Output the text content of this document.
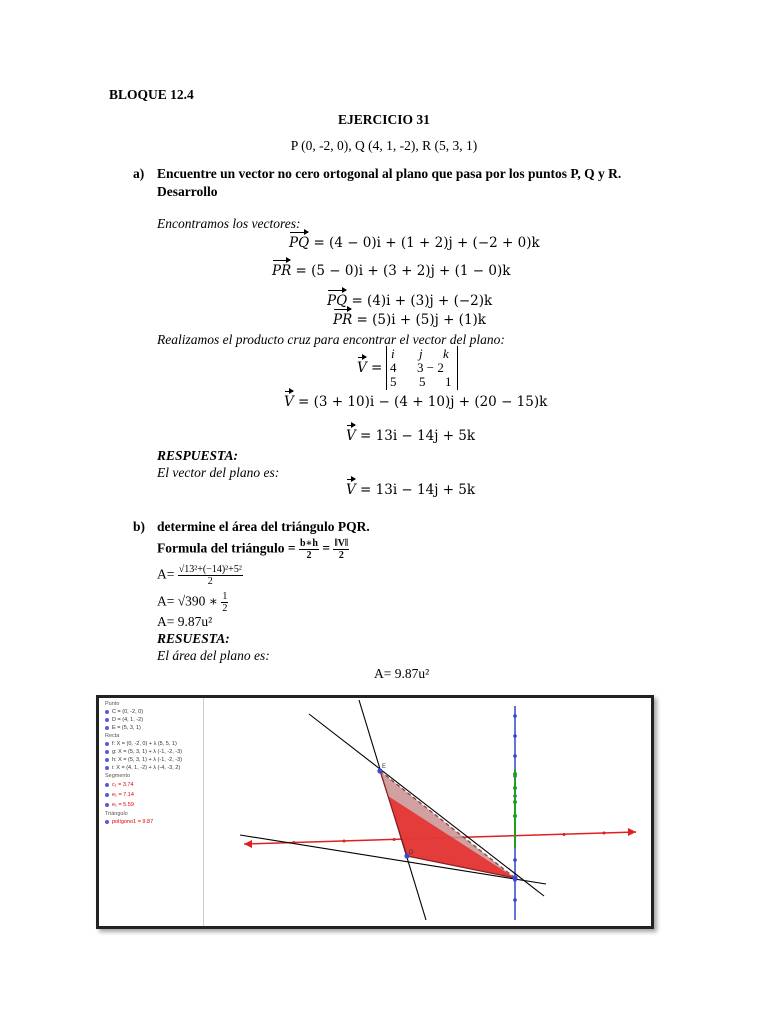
BLOQUE 12.4
EJERCICIO 31
P (0, -2, 0), Q (4, 1, -2), R (5, 3, 1)
a) Encuentre un vector no cero ortogonal al plano que pasa por los puntos P, Q y R.
Desarrollo
Encontramos los vectores:
PQ = (4 − 0)i + (1 + 2)j + (−2 + 0)k
PR = (5 − 0)i + (3 + 2)j + (1 − 0)k
PQ = (4)i + (3)j + (−2)k
PR = (5)i + (5)j + (1)k
Realizamos el producto cruz para encontrar el vector del plano:
V =
i j k
4 3 − 2
5 5 1
V = (3 + 10)i − (4 + 10)j + (20 − 15)k
V = 13i − 14j + 5k
RESPUESTA:
El vector del plano es:
V = 13i − 14j + 5k
b) determine el área del triángulo PQR.
Formula del triángulo = $\frac{b∗h}{2} = \frac{‖V‖}{2}$
$A= \frac{\text{√13²+(−14)²+5²}}{2}$
A= √390 ∗ $\frac{1}{2}$
A= 9.87u²
RESUESTA:
El área del plano es:
A= 9.87u²
Punto
C = (0, -2, 0)
D = (4, 1, -2)
E = (5, 3, 1)
Recta
f: X = (0, -2, 0) + λ (5, 5, 1)
g: X = (5, 3, 1) + λ (-1, -2, -3)
h: X = (5, 3, 1) + λ (-1, -2, -3)
i: X = (4, 1, -2) + λ (-4, -3, 2)
Segmento
c₁ = 3.74
e₁ = 7.14
e₁ = 5.59
Triángulo
polígono1 = 9.87
E
D
